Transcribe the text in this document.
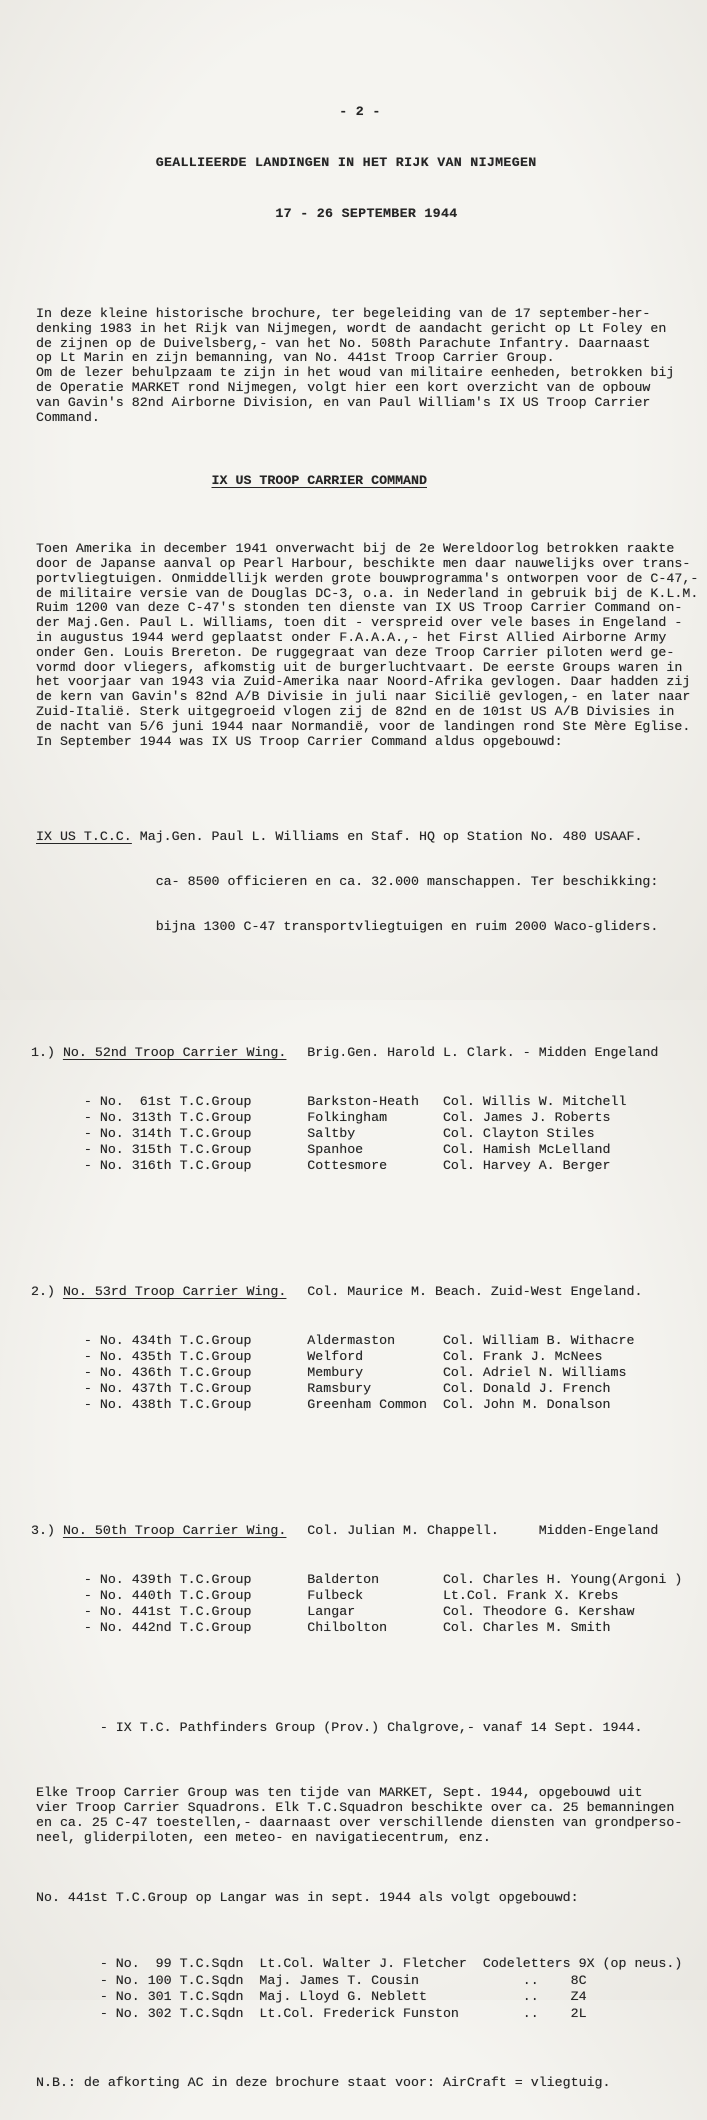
- 2 -

GEALLIEERDE LANDINGEN IN HET RIJK VAN NIJMEGEN

17 - 26 SEPTEMBER 1944

In deze kleine historische brochure, ter begeleiding van de 17 september-her-
denking 1983 in het Rijk van Nijmegen, wordt de aandacht gericht op Lt Foley en
de zijnen op de Duivelsberg,- van het No. 508th Parachute Infantry. Daarnaast
op Lt Marin en zijn bemanning, van No. 441st Troop Carrier Group.
Om de lezer behulpzaam te zijn in het woud van militaire eenheden, betrokken bij
de Operatie MARKET rond Nijmegen, volgt hier een kort overzicht van de opbouw
van Gavin's 82nd Airborne Division, en van Paul William's IX US Troop Carrier
Command.

IX US TROOP CARRIER COMMAND

Toen Amerika in december 1941 onverwacht bij de 2e Wereldoorlog betrokken raakte
door de Japanse aanval op Pearl Harbour, beschikte men daar nauwelijks over trans-
portvliegtuigen. Onmiddellijk werden grote bouwprogramma's ontworpen voor de C-47,-
de militaire versie van de Douglas DC-3, o.a. in Nederland in gebruik bij de K.L.M.
Ruim 1200 van deze C-47's stonden ten dienste van IX US Troop Carrier Command on-
der Maj.Gen. Paul L. Williams, toen dit - verspreid over vele bases in Engeland -
in augustus 1944 werd geplaatst onder F.A.A.A.,- het First Allied Airborne Army
onder Gen. Louis Brereton. De ruggegraat van deze Troop Carrier piloten werd ge-
vormd door vliegers, afkomstig uit de burgerluchtvaart. De eerste Groups waren in
het voorjaar van 1943 via Zuid-Amerika naar Noord-Afrika gevlogen. Daar hadden zij
de kern van Gavin's 82nd A/B Divisie in juli naar Sicilië gevlogen,- en later naar
Zuid-Italië. Sterk uitgegroeid vlogen zij de 82nd en de 101st US A/B Divisies in
de nacht van 5/6 juni 1944 naar Normandië, voor de landingen rond Ste Mère Eglise.
In September 1944 was IX US Troop Carrier Command aldus opgebouwd:

IX US T.C.C. Maj.Gen. Paul L. Williams en Staf. HQ op Station No. 480 USAAF.

ca- 8500 officieren en ca. 32.000 manschappen. Ter beschikking:

bijna 1300 C-47 transportvliegtuigen en ruim 2000 Waco-gliders.

1.) No. 52nd Troop Carrier Wing. Brig.Gen. Harold L. Clark. - Midden Engeland

- No.  61st T.C.Group	Barkston-Heath Col. Willis W. Mitchell
- No. 313th T.C.Group	Folkingham	Col. James J. Roberts
- No. 314th T.C.Group	Saltby	Col. Clayton Stiles
- No. 315th T.C.Group	Spanhoe	Col. Hamish McLelland
- No. 316th T.C.Group	Cottesmore	Col. Harvey A. Berger

2.) No. 53rd Troop Carrier Wing. Col. Maurice M. Beach. Zuid-West Engeland.

- No. 434th T.C.Group	Aldermaston	Col. William B. Withacre
- No. 435th T.C.Group	Welford	Col. Frank J. McNees
- No. 436th T.C.Group	Membury	Col. Adriel N. Williams
- No. 437th T.C.Group	Ramsbury	Col. Donald J. French
- No. 438th T.C.Group	Greenham Common Col. John M. Donalson

3.) No. 50th Troop Carrier Wing. Col. Julian M. Chappell.     Midden-Engeland

- No. 439th T.C.Group	Balderton	Col. Charles H. Young(Argoni )
- No. 440th T.C.Group	Fulbeck	Lt.Col. Frank X. Krebs
- No. 441st T.C.Group	Langar	Col. Theodore G. Kershaw
- No. 442nd T.C.Group	Chilbolton	Col. Charles M. Smith

- IX T.C. Pathfinders Group (Prov.) Chalgrove,- vanaf 14 Sept. 1944.

Elke Troop Carrier Group was ten tijde van MARKET, Sept. 1944, opgebouwd uit
vier Troop Carrier Squadrons. Elk T.C.Squadron beschikte over ca. 25 bemanningen
en ca. 25 C-47 toestellen,- daarnaast over verschillende diensten van grondperso-
neel, gliderpiloten, een meteo- en navigatiecentrum, enz.

No. 441st T.C.Group op Langar was in sept. 1944 als volgt opgebouwd:

- No.  99 T.C.Sqdn Lt.Col. Walter J. Fletcher Codeletters 9X (op neus.)
- No. 100 T.C.Sqdn Maj. James T. Cousin	..    8C
- No. 301 T.C.Sqdn Maj. Lloyd G. Neblett	..    Z4
- No. 302 T.C.Sqdn Lt.Col. Frederick Funston ..    2L

N.B.: de afkorting AC in deze brochure staat voor: AirCraft = vliegtuig.
